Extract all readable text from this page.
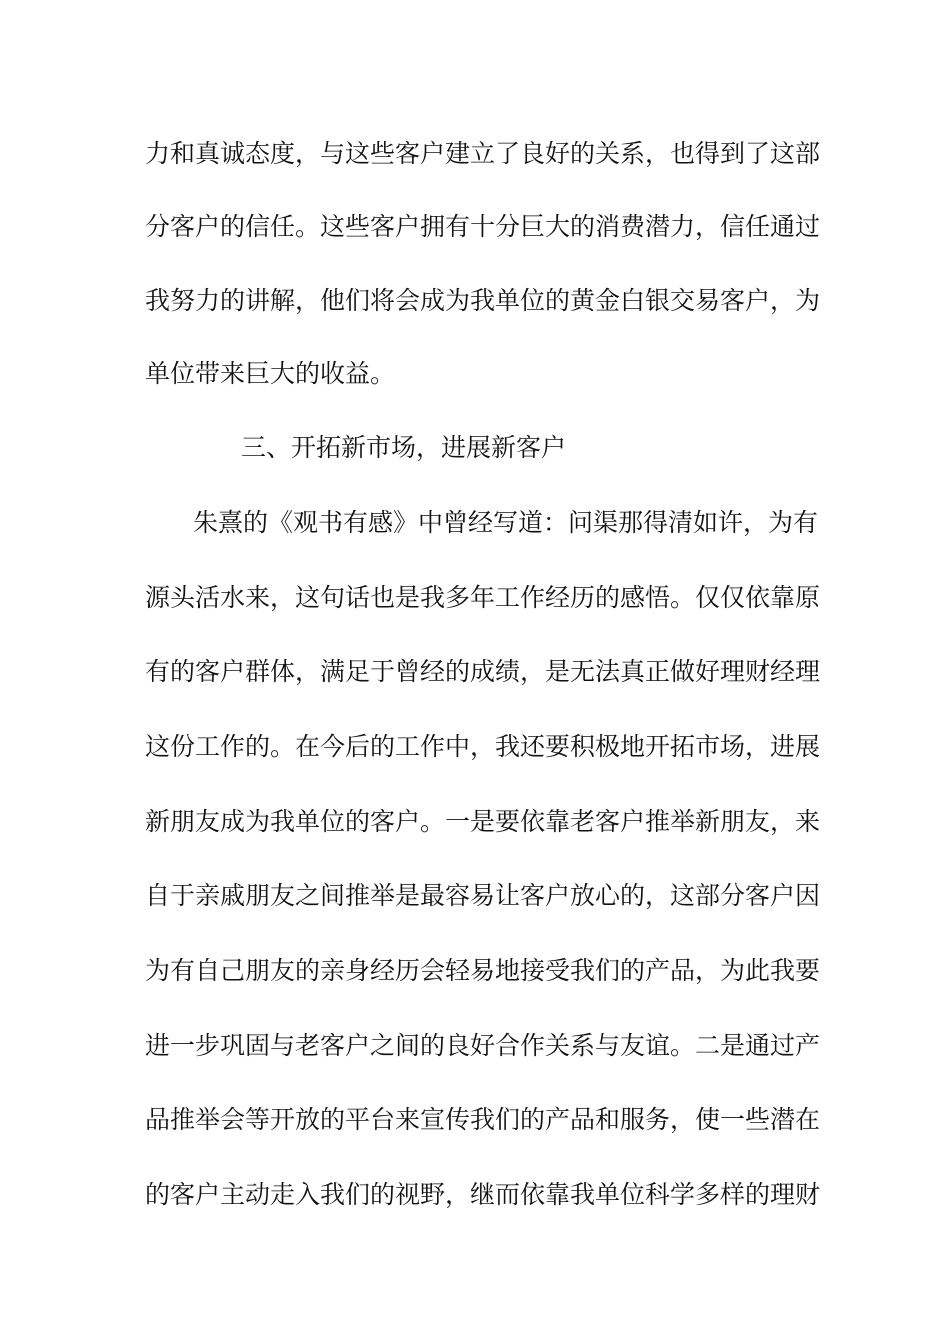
力和真诚态度，与这些客户建立了良好的关系，也得到了这部
分客户的信任。这些客户拥有十分巨大的消费潜力，信任通过
我努力的讲解，他们将会成为我单位的黄金白银交易客户，为
单位带来巨大的收益。
三、开拓新市场，进展新客户
朱熹的《观书有感》中曾经写道：问渠那得清如许，为有
源头活水来，这句话也是我多年工作经历的感悟。仅仅依靠原
有的客户群体，满足于曾经的成绩，是无法真正做好理财经理
这份工作的。在今后的工作中，我还要积极地开拓市场，进展
新朋友成为我单位的客户。一是要依靠老客户推举新朋友，来
自于亲戚朋友之间推举是最容易让客户放心的，这部分客户因
为有自己朋友的亲身经历会轻易地接受我们的产品，为此我要
进一步巩固与老客户之间的良好合作关系与友谊。二是通过产
品推举会等开放的平台来宣传我们的产品和服务，使一些潜在
的客户主动走入我们的视野，继而依靠我单位科学多样的理财
